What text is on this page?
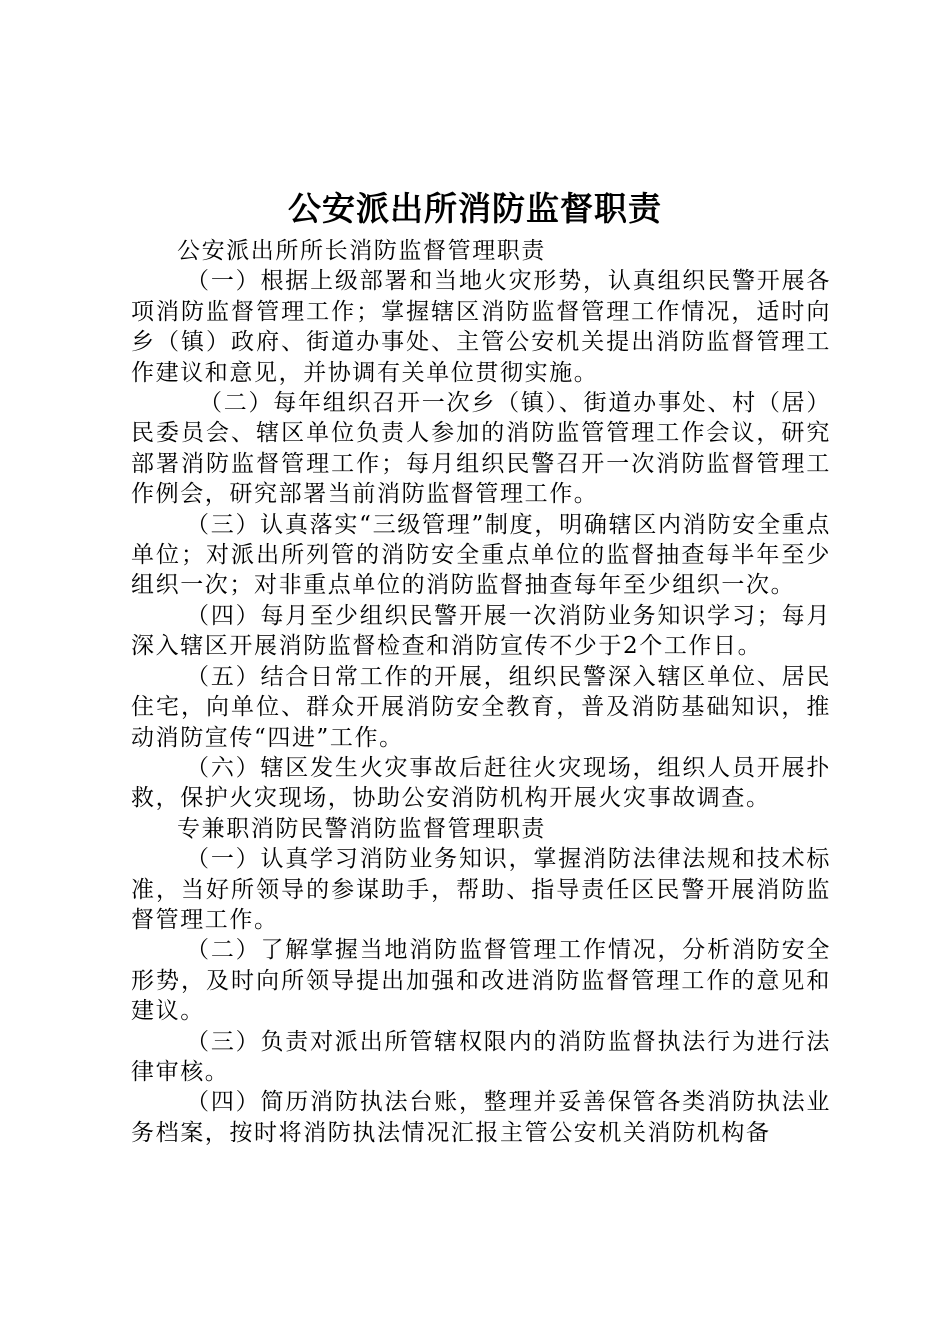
公安派出所消防监督职责

公安派出所所长消防监督管理职责

（一）根据上级部署和当地火灾形势，认真组织民警开展各项消防监督管理工作；掌握辖区消防监督管理工作情况，适时向乡（镇）政府、街道办事处、主管公安机关提出消防监督管理工作建议和意见，并协调有关单位贯彻实施。

（二）每年组织召开一次乡（镇）、街道办事处、村（居）民委员会、辖区单位负责人参加的消防监管管理工作会议，研究部署消防监督管理工作；每月组织民警召开一次消防监督管理工作例会，研究部署当前消防监督管理工作。

（三）认真落实“三级管理”制度，明确辖区内消防安全重点单位；对派出所列管的消防安全重点单位的监督抽查每半年至少组织一次；对非重点单位的消防监督抽查每年至少组织一次。

（四）每月至少组织民警开展一次消防业务知识学习；每月深入辖区开展消防监督检查和消防宣传不少于2个工作日。

（五）结合日常工作的开展，组织民警深入辖区单位、居民住宅，向单位、群众开展消防安全教育，普及消防基础知识，推动消防宣传“四进”工作。

（六）辖区发生火灾事故后赶往火灾现场，组织人员开展扑救，保护火灾现场，协助公安消防机构开展火灾事故调查。

专兼职消防民警消防监督管理职责

（一）认真学习消防业务知识，掌握消防法律法规和技术标准，当好所领导的参谋助手，帮助、指导责任区民警开展消防监督管理工作。

（二）了解掌握当地消防监督管理工作情况，分析消防安全形势，及时向所领导提出加强和改进消防监督管理工作的意见和建议。

（三）负责对派出所管辖权限内的消防监督执法行为进行法律审核。

（四）简历消防执法台账，整理并妥善保管各类消防执法业务档案，按时将消防执法情况汇报主管公安机关消防机构备
